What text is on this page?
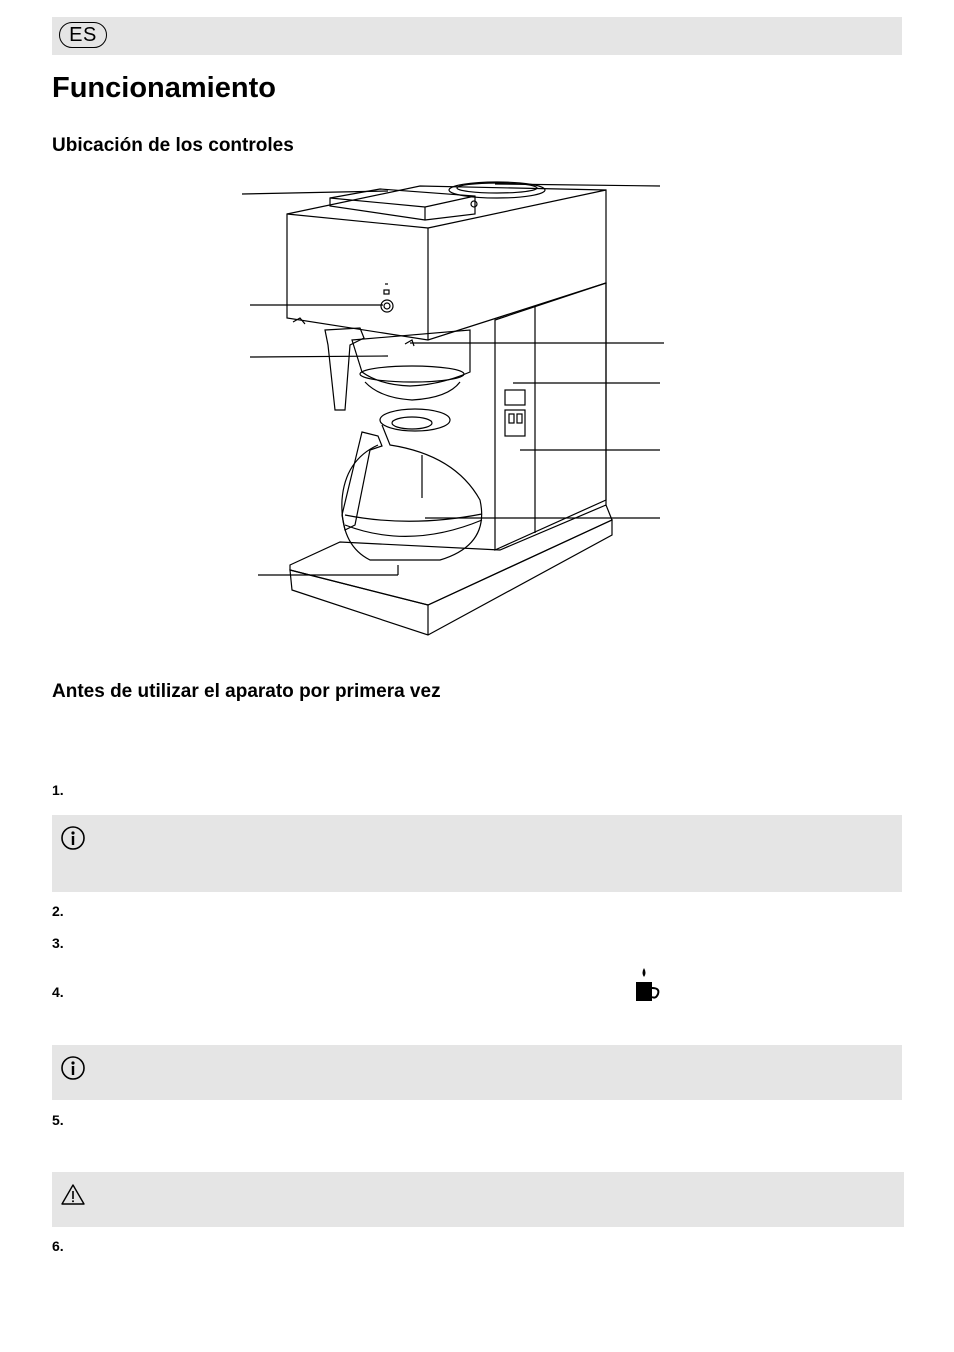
ES
Funcionamiento
Ubicación de los controles
Antes de utilizar el aparato por primera vez
1.
2.
3.
4.
5.
6.
